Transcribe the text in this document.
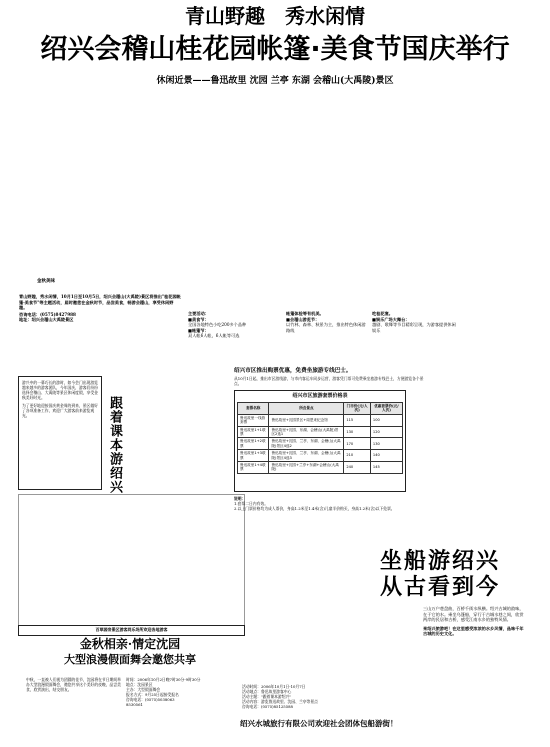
青山野趣　秀水闲情
绍兴会稽山桂花园帐篷·美食节国庆举行
休闲近景——鲁迅故里 沈园 兰亭 东湖 会稽山(大禹陵)景区
金秋美味
青山野趣，秀水闲情，10月1日至10月5日，绍兴会稽山(大禹陵)景区将推出"桂花园帐篷·美食节"等主题活动，届时邀您在金秋时节，品尝美食，畅游会稽山，享受休闲野趣。
咨询电话：(0575)8427988
地址：绍兴会稽山大禹陵景区
主要活动：
■美食节：
全国各地特色小吃200多个品种
■帐篷节：
双人帐6人帐，6人帐等可选
帐篷体验等有机美。
■会稽山游览节：
以竹林、森林、秋景为主，推出特色休闲游路线
吃桂花宴。
■娱乐广场大舞台：
越剧、歌舞等节目精彩呈现，为游客提供休闲娱乐
游兴中的一幕巧长的游时，如今会门出现游览越来越多的游客团队，今年国庆，游客们纷纷选择会稽山、大禹陵等景区休闲度假，享受金秋美好时光。
为了更好地迎接国庆黄金周的到来，景区做好了各项准备工作，欢迎广大游客前来游览观光。	跟着课本游绍兴
百草园旁景区游客同乐场所欢迎各地游客
绍兴市区推出购票优惠，免费坐旅游专线巴士。
从10月1日起，推出市区游线游，与市内客运车同步运营，游客凭门票可免费乘坐旅游专线巴士，方便游览各个景点。
绍兴市区旅游套票价格表
套票名称	所含景点	门市价(元/人次)	优惠套票价(元/人次)
鲁迅故里一线游套票	鲁迅故里+沈园景区+周恩来纪念馆	115	100
鲁迅故里1+1联票	鲁迅故里+沈园、东湖、会稽山(大禹陵)景区2选1	130	120
鲁迅故里1+2联票	鲁迅故里+沈园、兰亭、东湖、会稽山(大禹陵)景区4选2	170	130
鲁迅故里1+3联票	鲁迅故里+沈园、兰亭、东湖、会稽山(大禹陵)景区4选3	210	140
鲁迅故里1+4联票	鲁迅故里+沈园+兰亭+东湖+会稽山(大禹陵)	240	145
说明：
1.套票二日内有效。
2.以上门票价格均为成人票价，身高1.2米至1.4米(含)儿童半价购买，身高1.2米(含)以下免票。
坐船游绍兴
从古看到今
三山万户巷盘曲，百桥千街水纵横。绍兴古城的韵味，在于它的水。乘坐乌篷船，穿行于古城水巷之间，欣赏两岸的民居和古桥，感受江南水乡的独特风情。
来绍兴旅游吧！在这里感受浓浓的水乡风情，品味千年古城的历史文化。
金秋相亲·情定沈园
大型浪漫假面舞会邀您共享
中秋，一直被人们视为团圆的佳节，沈园将在节日期间举办大型浪漫假面舞会，邀您共享这个美好的夜晚，品尝美食，欣赏演出，结交朋友。
时间：2006年10月2日晚7时30分-9时30分
地点：沈园景区
主办：大型假面舞会
报名方式：9月25日起接受报名
咨询电话：(0575)5038063
8530561
活动时间：2006年10月1日-10月7日
活动地点：鲁迅故里游客中心
活动主题："跟着课本游绍兴"
活动内容：游览鲁迅故里、沈园、兰亭等景点
咨询电话：(0575)85125588
绍兴水城旅行有限公司欢迎社会团体包船游街！
